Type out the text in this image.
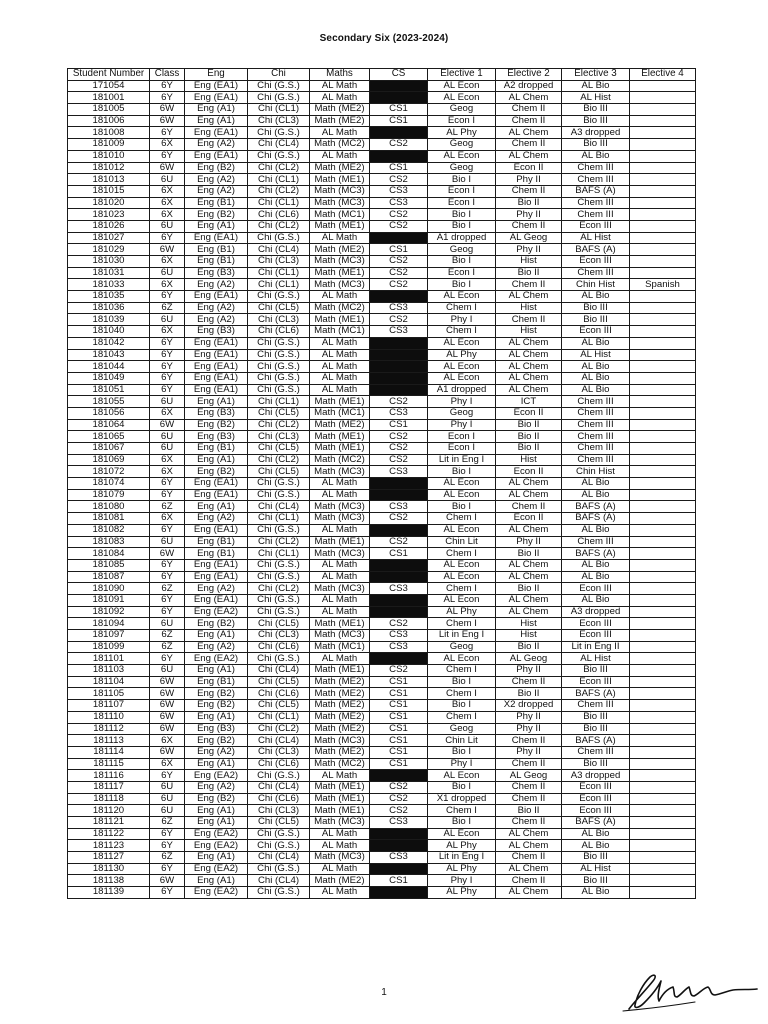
Secondary Six (2023-2024)
Student Number	Class	Eng	Chi	Maths	CS	Elective 1	Elective 2	Elective 3	Elective 4
171054	6Y	Eng (EA1)	Chi (G.S.)	AL Math		AL Econ	A2 dropped	AL Bio	
181001	6Y	Eng (EA1)	Chi (G.S.)	AL Math		AL Econ	AL Chem	AL Hist	
181005	6W	Eng (A1)	Chi (CL1)	Math (ME2)	CS1	Geog	Chem II	Bio III	
181006	6W	Eng (A1)	Chi (CL3)	Math (ME2)	CS1	Econ I	Chem II	Bio III	
181008	6Y	Eng (EA1)	Chi (G.S.)	AL Math		AL Phy	AL Chem	A3 dropped	
181009	6X	Eng (A2)	Chi (CL4)	Math (MC2)	CS2	Geog	Chem II	Bio III	
181010	6Y	Eng (EA1)	Chi (G.S.)	AL Math		AL Econ	AL Chem	AL Bio	
181012	6W	Eng (B2)	Chi (CL2)	Math (ME2)	CS1	Geog	Econ II	Chem III	
181013	6U	Eng (A2)	Chi (CL1)	Math (ME1)	CS2	Bio I	Phy II	Chem III	
181015	6X	Eng (A2)	Chi (CL2)	Math (MC3)	CS3	Econ I	Chem II	BAFS (A)	
181020	6X	Eng (B1)	Chi (CL1)	Math (MC3)	CS3	Econ I	Bio II	Chem III	
181023	6X	Eng (B2)	Chi (CL6)	Math (MC1)	CS2	Bio I	Phy II	Chem III	
181026	6U	Eng (A1)	Chi (CL2)	Math (ME1)	CS2	Bio I	Chem II	Econ III	
181027	6Y	Eng (EA1)	Chi (G.S.)	AL Math		A1 dropped	AL Geog	AL Hist	
181029	6W	Eng (B1)	Chi (CL4)	Math (ME2)	CS1	Geog	Phy II	BAFS (A)	
181030	6X	Eng (B1)	Chi (CL3)	Math (MC3)	CS2	Bio I	Hist	Econ III	
181031	6U	Eng (B3)	Chi (CL1)	Math (ME1)	CS2	Econ I	Bio II	Chem III	
181033	6X	Eng (A2)	Chi (CL1)	Math (MC3)	CS2	Bio I	Chem II	Chin Hist	Spanish
181035	6Y	Eng (EA1)	Chi (G.S.)	AL Math		AL Econ	AL Chem	AL Bio	
181036	6Z	Eng (A2)	Chi (CL5)	Math (MC2)	CS3	Chem I	Hist	Bio III	
181039	6U	Eng (A2)	Chi (CL3)	Math (ME1)	CS2	Phy I	Chem II	Bio III	
181040	6X	Eng (B3)	Chi (CL6)	Math (MC1)	CS3	Chem I	Hist	Econ III	
181042	6Y	Eng (EA1)	Chi (G.S.)	AL Math		AL Econ	AL Chem	AL Bio	
181043	6Y	Eng (EA1)	Chi (G.S.)	AL Math		AL Phy	AL Chem	AL Hist	
181044	6Y	Eng (EA1)	Chi (G.S.)	AL Math		AL Econ	AL Chem	AL Bio	
181049	6Y	Eng (EA1)	Chi (G.S.)	AL Math		AL Econ	AL Chem	AL Bio	
181051	6Y	Eng (EA1)	Chi (G.S.)	AL Math		A1 dropped	AL Chem	AL Bio	
181055	6U	Eng (A1)	Chi (CL1)	Math (ME1)	CS2	Phy I	ICT	Chem III	
181056	6X	Eng (B3)	Chi (CL5)	Math (MC1)	CS3	Geog	Econ II	Chem III	
181064	6W	Eng (B2)	Chi (CL2)	Math (ME2)	CS1	Phy I	Bio II	Chem III	
181065	6U	Eng (B3)	Chi (CL3)	Math (ME1)	CS2	Econ I	Bio II	Chem III	
181067	6U	Eng (B1)	Chi (CL5)	Math (ME1)	CS2	Econ I	Bio II	Chem III	
181069	6X	Eng (A1)	Chi (CL2)	Math (MC2)	CS2	Lit in Eng I	Hist	Chem III	
181072	6X	Eng (B2)	Chi (CL5)	Math (MC3)	CS3	Bio I	Econ II	Chin Hist	
181074	6Y	Eng (EA1)	Chi (G.S.)	AL Math		AL Econ	AL Chem	AL Bio	
181079	6Y	Eng (EA1)	Chi (G.S.)	AL Math		AL Econ	AL Chem	AL Bio	
181080	6Z	Eng (A1)	Chi (CL4)	Math (MC3)	CS3	Bio I	Chem II	BAFS (A)	
181081	6X	Eng (A2)	Chi (CL1)	Math (MC3)	CS2	Chem I	Econ II	BAFS (A)	
181082	6Y	Eng (EA1)	Chi (G.S.)	AL Math		AL Econ	AL Chem	AL Bio	
181083	6U	Eng (B1)	Chi (CL2)	Math (ME1)	CS2	Chin Lit	Phy II	Chem III	
181084	6W	Eng (B1)	Chi (CL1)	Math (MC3)	CS1	Chem I	Bio II	BAFS (A)	
181085	6Y	Eng (EA1)	Chi (G.S.)	AL Math		AL Econ	AL Chem	AL Bio	
181087	6Y	Eng (EA1)	Chi (G.S.)	AL Math		AL Econ	AL Chem	AL Bio	
181090	6Z	Eng (A2)	Chi (CL2)	Math (MC3)	CS3	Chem I	Bio II	Econ III	
181091	6Y	Eng (EA1)	Chi (G.S.)	AL Math		AL Econ	AL Chem	AL Bio	
181092	6Y	Eng (EA2)	Chi (G.S.)	AL Math		AL Phy	AL Chem	A3 dropped	
181094	6U	Eng (B2)	Chi (CL5)	Math (ME1)	CS2	Chem I	Hist	Econ III	
181097	6Z	Eng (A1)	Chi (CL3)	Math (MC3)	CS3	Lit in Eng I	Hist	Econ III	
181099	6Z	Eng (A2)	Chi (CL6)	Math (MC1)	CS3	Geog	Bio II	Lit in Eng II	
181101	6Y	Eng (EA2)	Chi (G.S.)	AL Math		AL Econ	AL Geog	AL Hist	
181103	6U	Eng (A1)	Chi (CL4)	Math (ME1)	CS2	Chem I	Phy II	Bio III	
181104	6W	Eng (B1)	Chi (CL5)	Math (ME2)	CS1	Bio I	Chem II	Econ III	
181105	6W	Eng (B2)	Chi (CL6)	Math (ME2)	CS1	Chem I	Bio II	BAFS (A)	
181107	6W	Eng (B2)	Chi (CL5)	Math (ME2)	CS1	Bio I	X2 dropped	Chem III	
181110	6W	Eng (A1)	Chi (CL1)	Math (ME2)	CS1	Chem I	Phy II	Bio III	
181112	6W	Eng (B3)	Chi (CL2)	Math (ME2)	CS1	Geog	Phy II	Bio III	
181113	6X	Eng (B2)	Chi (CL4)	Math (MC3)	CS1	Chin Lit	Chem II	BAFS (A)	
181114	6W	Eng (A2)	Chi (CL3)	Math (ME2)	CS1	Bio I	Phy II	Chem III	
181115	6X	Eng (A1)	Chi (CL6)	Math (MC2)	CS1	Phy I	Chem II	Bio III	
181116	6Y	Eng (EA2)	Chi (G.S.)	AL Math		AL Econ	AL Geog	A3 dropped	
181117	6U	Eng (A2)	Chi (CL4)	Math (ME1)	CS2	Bio I	Chem II	Econ III	
181118	6U	Eng (B2)	Chi (CL6)	Math (ME1)	CS2	X1 dropped	Chem II	Econ III	
181120	6U	Eng (A1)	Chi (CL3)	Math (ME1)	CS2	Chem I	Bio II	Econ III	
181121	6Z	Eng (A1)	Chi (CL5)	Math (MC3)	CS3	Bio I	Chem II	BAFS (A)	
181122	6Y	Eng (EA2)	Chi (G.S.)	AL Math		AL Econ	AL Chem	AL Bio	
181123	6Y	Eng (EA2)	Chi (G.S.)	AL Math		AL Phy	AL Chem	AL Bio	
181127	6Z	Eng (A1)	Chi (CL4)	Math (MC3)	CS3	Lit in Eng I	Chem II	Bio III	
181130	6Y	Eng (EA2)	Chi (G.S.)	AL Math		AL Phy	AL Chem	AL Hist	
181138	6W	Eng (A1)	Chi (CL4)	Math (ME2)	CS1	Phy I	Chem II	Bio III	
181139	6Y	Eng (EA2)	Chi (G.S.)	AL Math		AL Phy	AL Chem	AL Bio	
1
